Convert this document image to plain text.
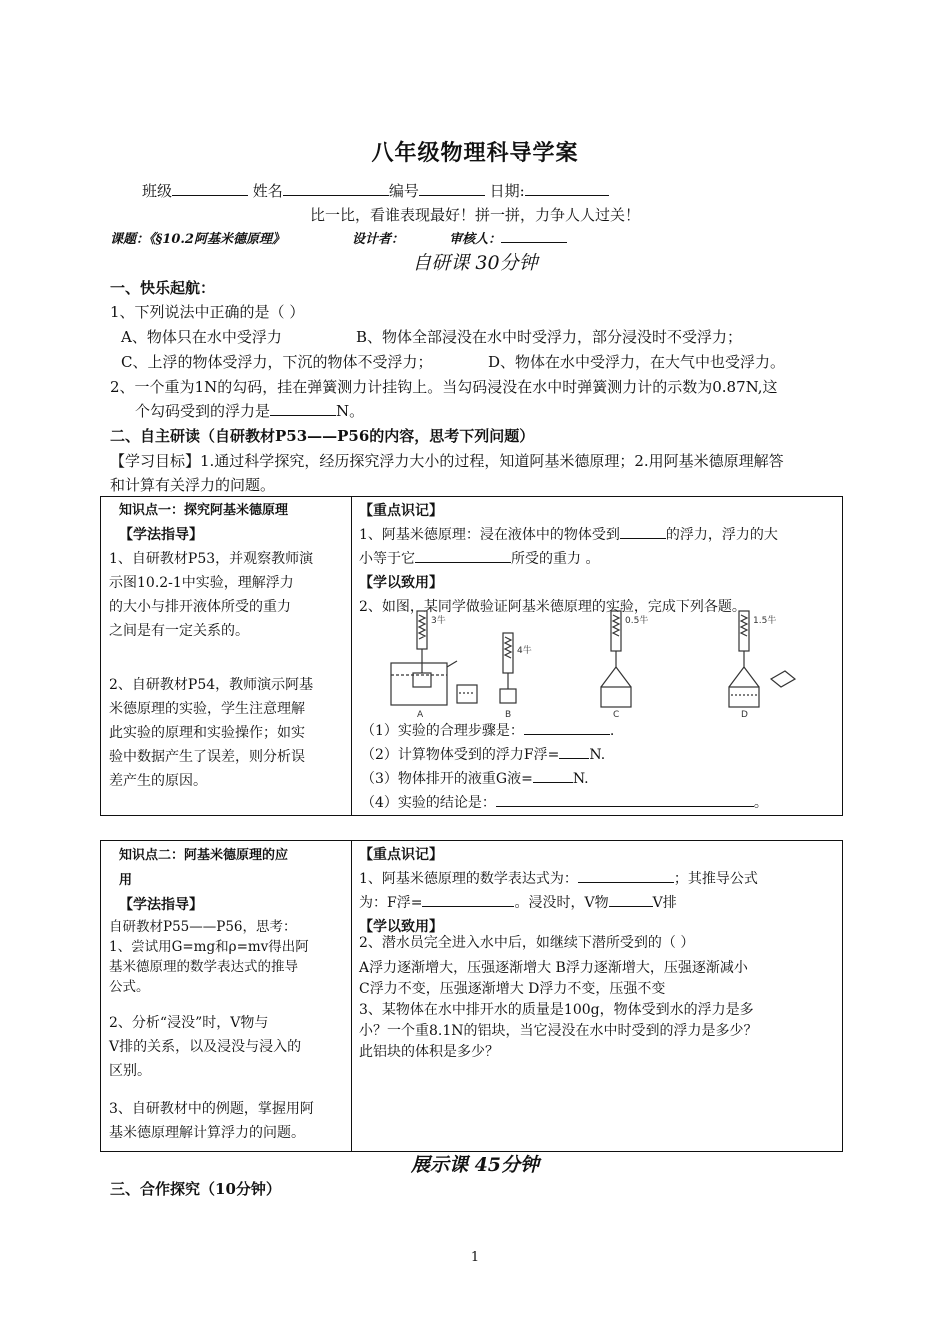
八年级物理科导学案
班级	姓名	编号	日期:
比一比，看谁表现最好！拼一拼，力争人人过关！
课题：《§10.2阿基米德原理》	设计者：	审核人：
自研课 30分钟
一、快乐起航：
1、下列说法中正确的是（ ）
A、物体只在水中受浮力	B、物体全部浸没在水中时受浮力，部分浸没时不受浮力；
C、上浮的物体受浮力，下沉的物体不受浮力；	D、物体在水中受浮力，在大气中也受浮力。
2、一个重为1N的勾码，挂在弹簧测力计挂钩上。当勾码浸没在水中时弹簧测力计的示数为0.87N,这
个勾码受到的浮力是	N。
二、自主研读（自研教材P53——P56的内容，思考下列问题）
【学习目标】1.通过科学探究，经历探究浮力大小的过程，知道阿基米德原理；2.用阿基米德原理解答
和计算有关浮力的问题。
知识点一：探究阿基米德原理
【学法指导】
1、自研教材P53，并观察教师演
示图10.2-1中实验，理解浮力
的大小与排开液体所受的重力
之间是有一定关系的。
2、自研教材P54，教师演示阿基
米德原理的实验，学生注意理解
此实验的原理和实验操作；如实
验中数据产生了误差，则分析误
差产生的原因。
【重点识记】
1、阿基米德原理：浸在液体中的物体受到	的浮力，浮力的大
小等于它	所受的重力 。
【学以致用】
2、如图，某同学做验证阿基米德原理的实验，完成下列各题。
3牛
4牛
0.5牛	1.5牛
A	B	C	D
（1）实验的合理步骤是：	.
（2）计算物体受到的浮力F浮= N.
（3）物体排开的液重G液=	N.
（4）实验的结论是：	。
知识点二：阿基米德原理的应
用
【学法指导】
自研教材P55——P56，思考：
1、尝试用G=mg和ρ=mv得出阿
基米德原理的数学表达式的推导
公式。
2、分析“浸没”时，V物与
V排的关系，以及浸没与浸入的
区别。
3、自研教材中的例题，掌握用阿
基米德原理解计算浮力的问题。
【重点识记】
1、阿基米德原理的数学表达式为：	；其推导公式
为：F浮=	。浸没时，V物	V排
【学以致用】
2、潜水员完全进入水中后，如继续下潜所受到的（ ）
A浮力逐渐增大，压强逐渐增大 B浮力逐渐增大，压强逐渐减小
C浮力不变，压强逐渐增大 D浮力不变，压强不变
3、某物体在水中排开水的质量是100g，物体受到水的浮力是多
小？一个重8.1N的铝块，当它浸没在水中时受到的浮力是多少？
此铝块的体积是多少？
展示课 45分钟
三、合作探究（10分钟）
1
